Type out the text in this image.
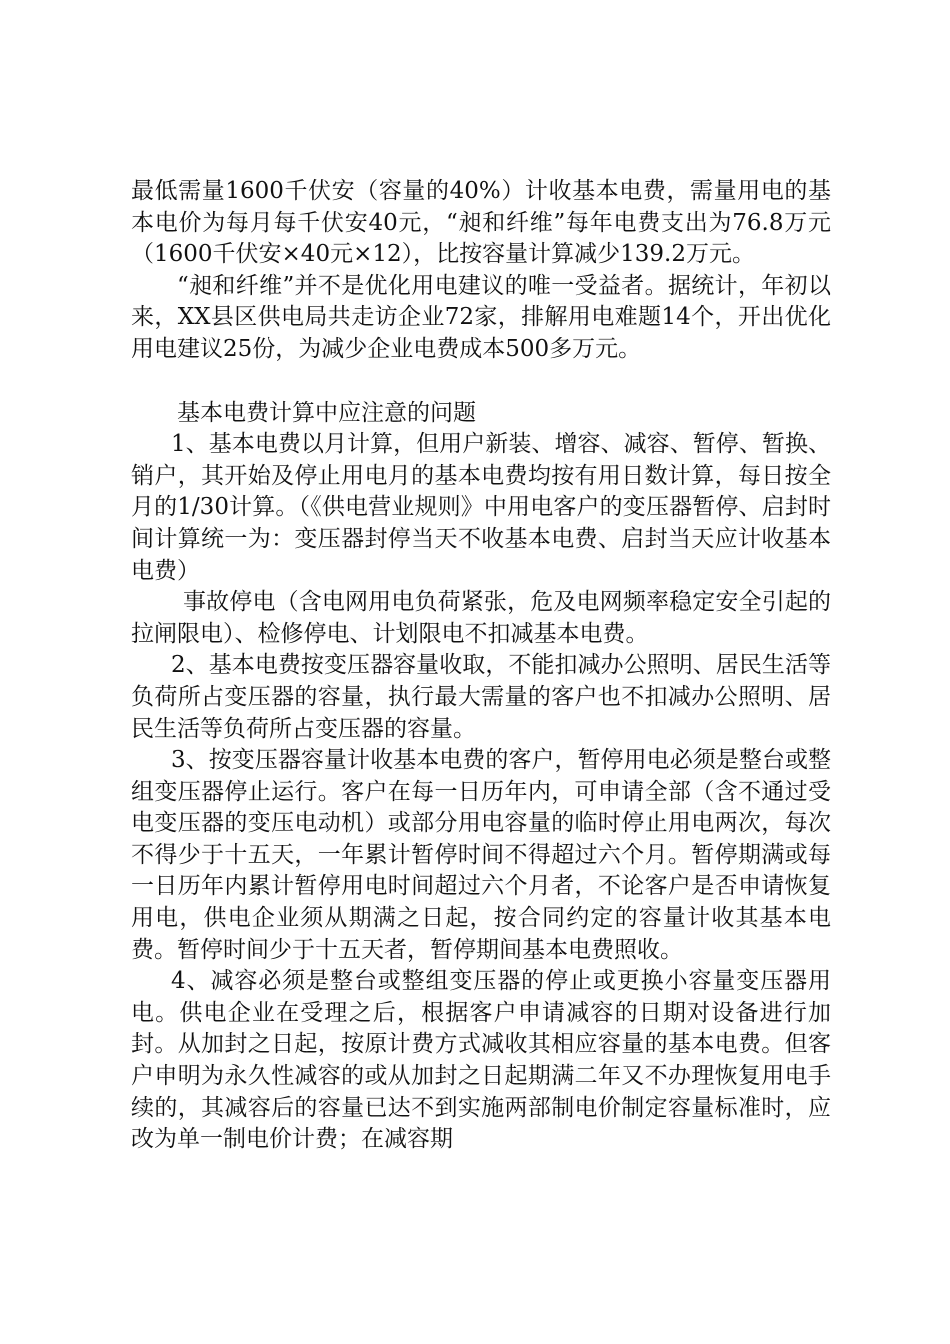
最低需量1600千伏安（容量的40%）计收基本电费，需量用电的基本电价为每月每千伏安40元，“昶和纤维”每年电费支出为76.8万元（1600千伏安×40元×12），比按容量计算减少139.2万元。

“昶和纤维”并不是优化用电建议的唯一受益者。据统计，年初以来，XX县区供电局共走访企业72家，排解用电难题14个，开出优化用电建议25份，为减少企业电费成本500多万元。

基本电费计算中应注意的问题

1、基本电费以月计算，但用户新装、增容、减容、暂停、暂换、销户，其开始及停止用电月的基本电费均按有用日数计算，每日按全月的1/30计算。（《供电营业规则》中用电客户的变压器暂停、启封时间计算统一为：变压器封停当天不收基本电费、启封当天应计收基本电费）

事故停电（含电网用电负荷紧张，危及电网频率稳定安全引起的拉闸限电）、检修停电、计划限电不扣减基本电费。

2、基本电费按变压器容量收取，不能扣减办公照明、居民生活等负荷所占变压器的容量，执行最大需量的客户也不扣减办公照明、居民生活等负荷所占变压器的容量。

3、按变压器容量计收基本电费的客户，暂停用电必须是整台或整组变压器停止运行。客户在每一日历年内，可申请全部（含不通过受电变压器的变压电动机）或部分用电容量的临时停止用电两次，每次不得少于十五天，一年累计暂停时间不得超过六个月。暂停期满或每一日历年内累计暂停用电时间超过六个月者，不论客户是否申请恢复用电，供电企业须从期满之日起，按合同约定的容量计收其基本电费。暂停时间少于十五天者，暂停期间基本电费照收。

4、减容必须是整台或整组变压器的停止或更换小容量变压器用电。供电企业在受理之后，根据客户申请减容的日期对设备进行加封。从加封之日起，按原计费方式减收其相应容量的基本电费。但客户申明为永久性减容的或从加封之日起期满二年又不办理恢复用电手续的，其减容后的容量已达不到实施两部制电价制定容量标准时，应改为单一制电价计费；在减容期
